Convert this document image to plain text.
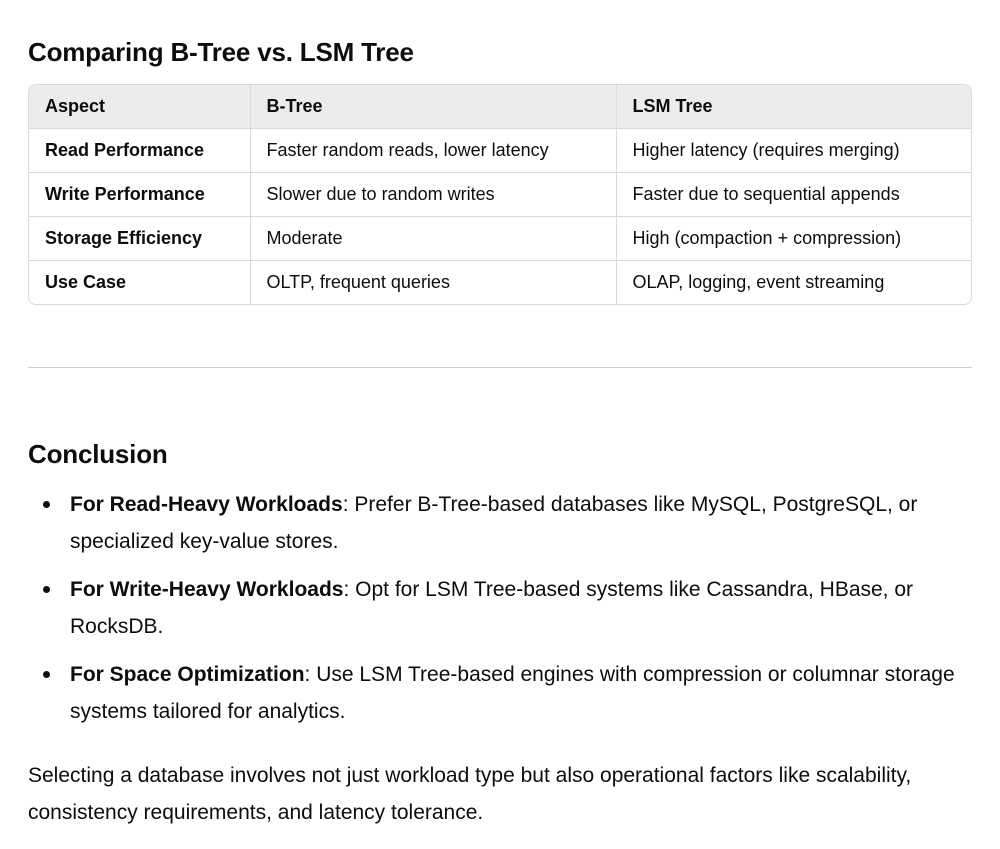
Comparing B-Tree vs. LSM Tree
Aspect	B-Tree	LSM Tree
Read Performance	Faster random reads, lower latency	Higher latency (requires merging)
Write Performance	Slower due to random writes	Faster due to sequential appends
Storage Efficiency	Moderate	High (compaction + compression)
Use Case	OLTP, frequent queries	OLAP, logging, event streaming
Conclusion
For Read-Heavy Workloads: Prefer B-Tree-based databases like MySQL, PostgreSQL, or specialized key-value stores.
For Write-Heavy Workloads: Opt for LSM Tree-based systems like Cassandra, HBase, or RocksDB.
For Space Optimization: Use LSM Tree-based engines with compression or columnar storage systems tailored for analytics.

Selecting a database involves not just workload type but also operational factors like scalability, consistency requirements, and latency tolerance.
